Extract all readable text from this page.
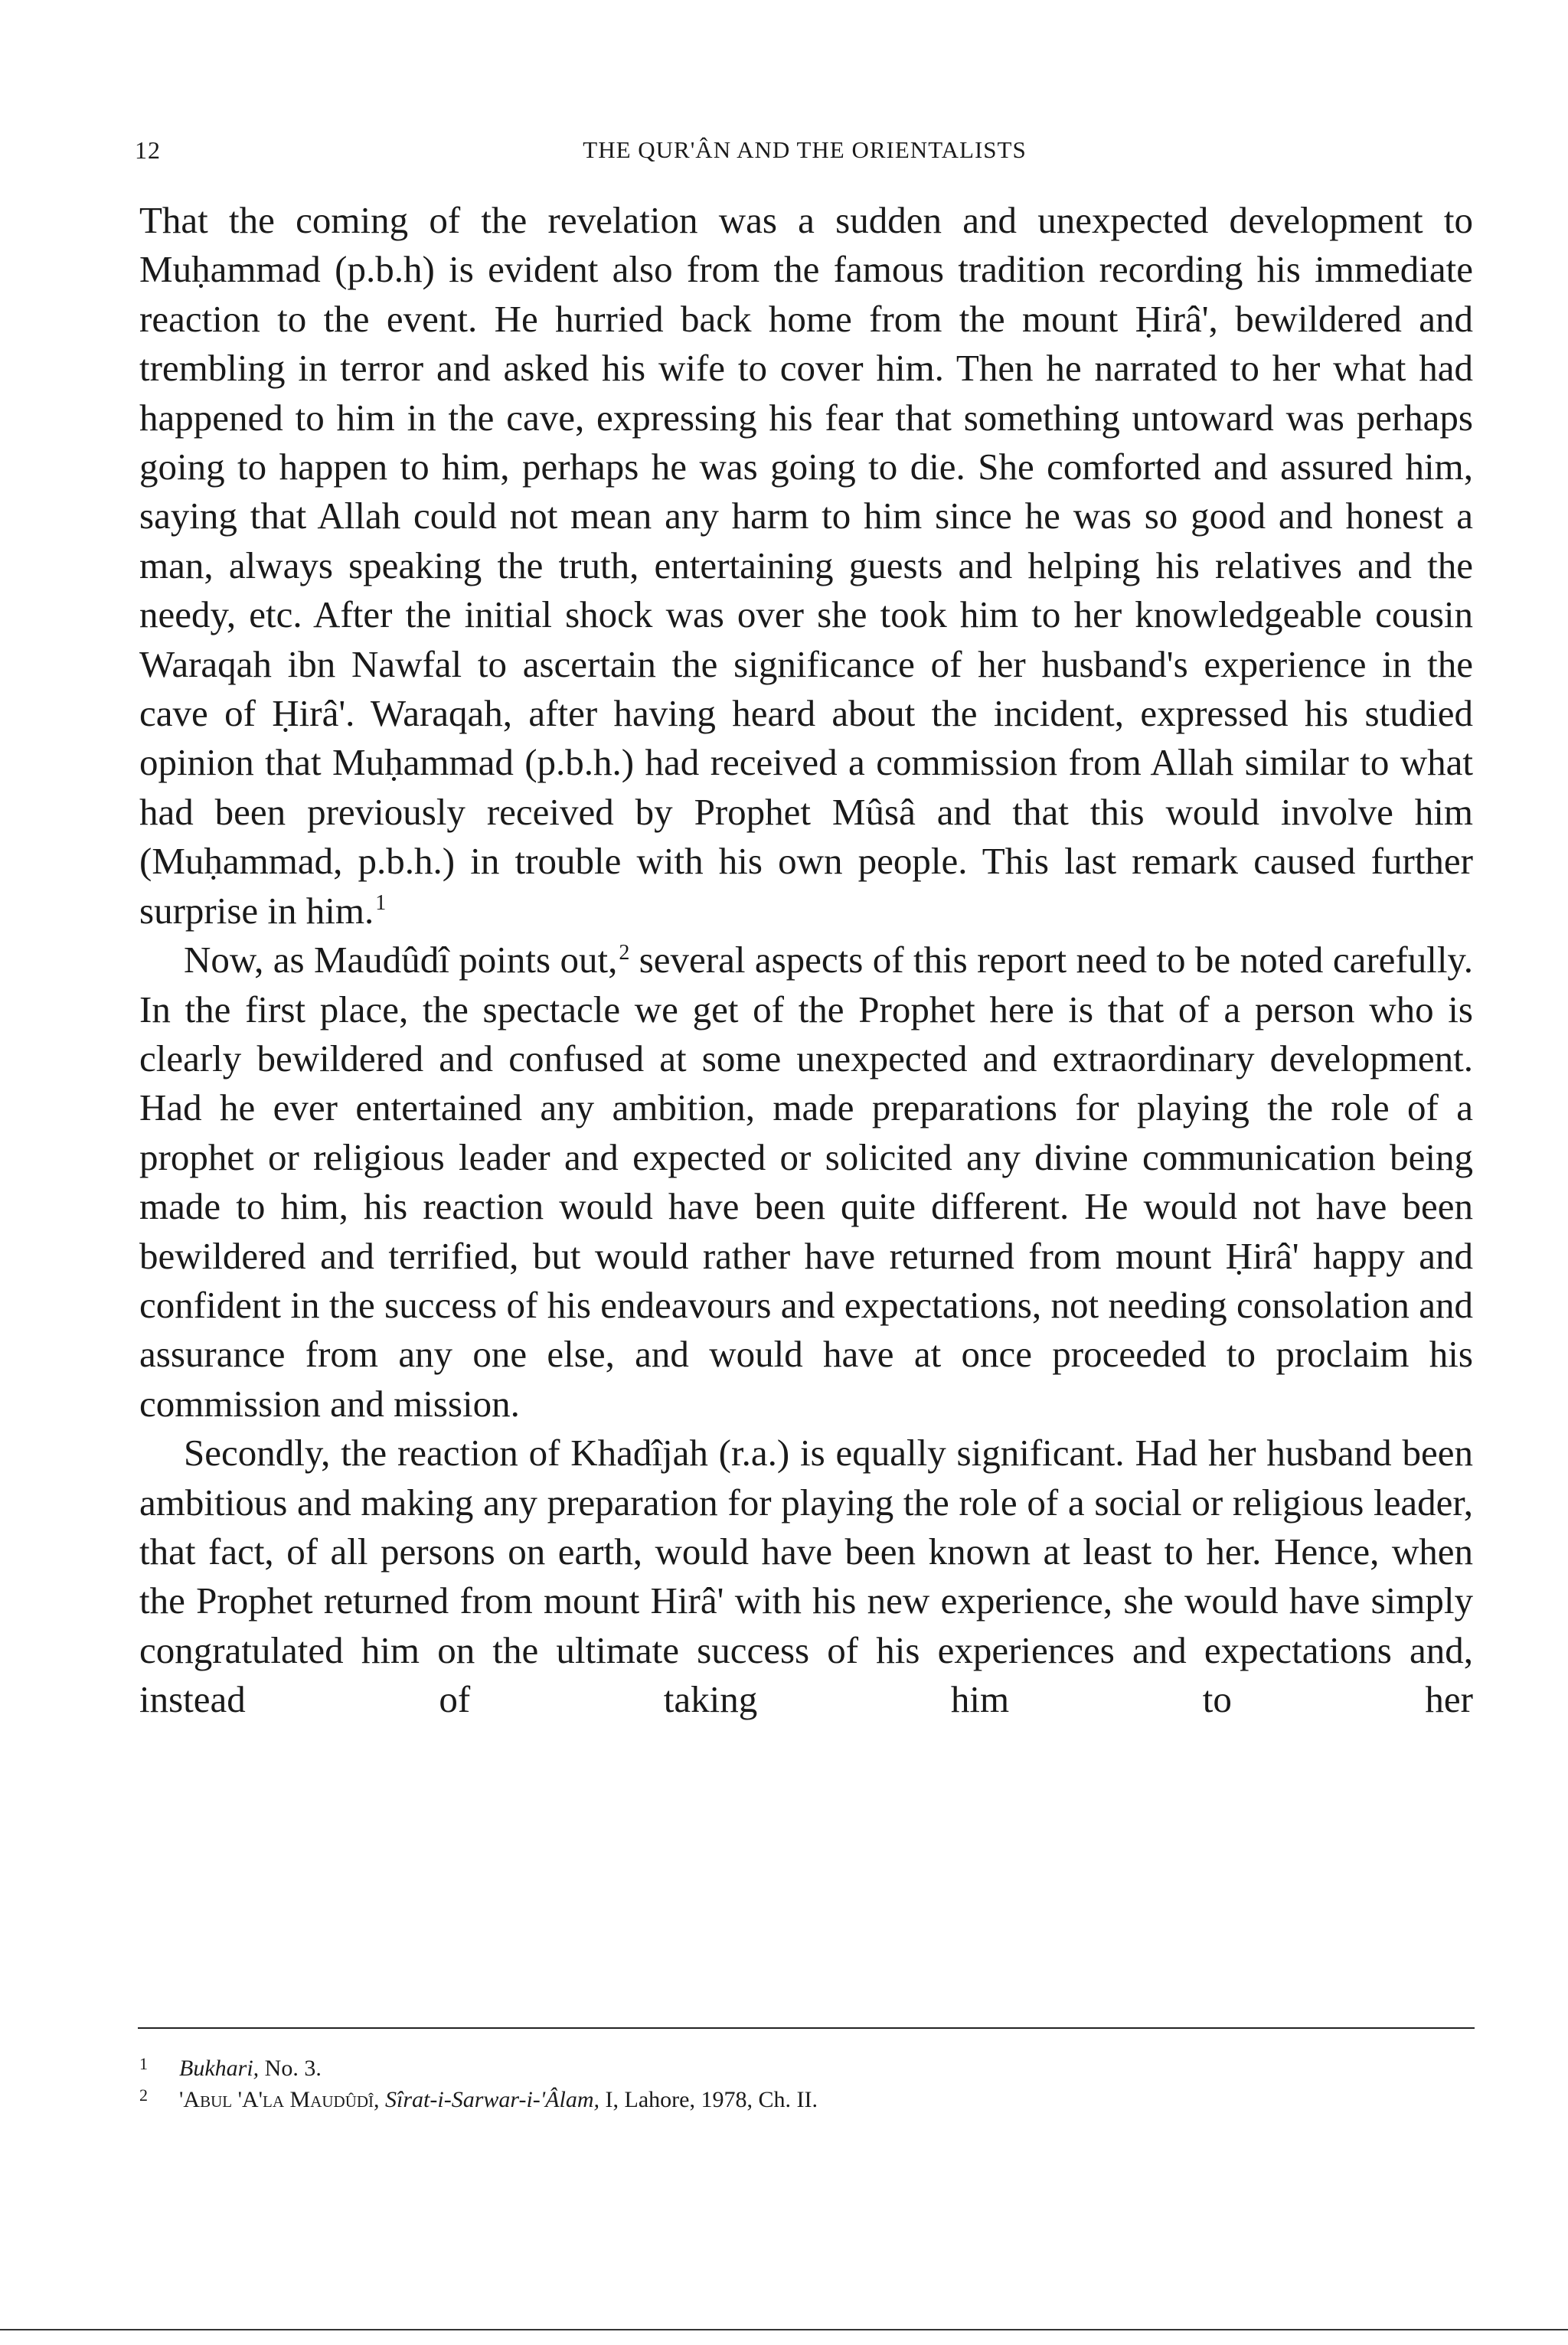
12	THE QUR'ÂN AND THE ORIENTALISTS

That the coming of the revelation was a sudden and unexpected development to Muḥammad (p.b.h) is evident also from the famous tradition recording his immediate reaction to the event. He hurried back home from the mount Ḥirâ', bewildered and trembling in terror and asked his wife to cover him. Then he narrated to her what had happened to him in the cave, expressing his fear that something untoward was perhaps going to happen to him, perhaps he was going to die. She comforted and assured him, saying that Allah could not mean any harm to him since he was so good and honest a man, always speaking the truth, entertaining guests and helping his relatives and the needy, etc. After the initial shock was over she took him to her knowledgeable cousin Waraqah ibn Nawfal to ascertain the significance of her husband's experience in the cave of Ḥirâ'. Waraqah, after having heard about the incident, expressed his studied opinion that Muḥammad (p.b.h.) had received a commission from Allah similar to what had been previously received by Prophet Mûsâ and that this would involve him (Muḥammad, p.b.h.) in trouble with his own people. This last remark caused further surprise in him.$^1$

Now, as Maudûdî points out,$^2$ several aspects of this report need to be noted carefully. In the first place, the spectacle we get of the Prophet here is that of a person who is clearly bewildered and confused at some unexpected and extraordinary development. Had he ever entertained any ambition, made preparations for playing the role of a prophet or religious leader and expected or solicited any divine communication being made to him, his reaction would have been quite different. He would not have been bewildered and terrified, but would rather have returned from mount Ḥirâ' happy and confident in the success of his endeavours and expectations, not needing consolation and assurance from any one else, and would have at once proceeded to proclaim his commission and mission.

Secondly, the reaction of Khadîjah (r.a.) is equally significant. Had her husband been ambitious and making any preparation for playing the role of a social or religious leader, that fact, of all persons on earth, would have been known at least to her. Hence, when the Prophet returned from mount Hirâ' with his new experience, she would have simply congratulated him on the ultimate success of his experiences and expectations and, instead of taking him to her

1 Bukhari, No. 3.
2 'Abul 'A'la Maudûdî, Sîrat-i-Sarwar-i-'Âlam, I, Lahore, 1978, Ch. II.
